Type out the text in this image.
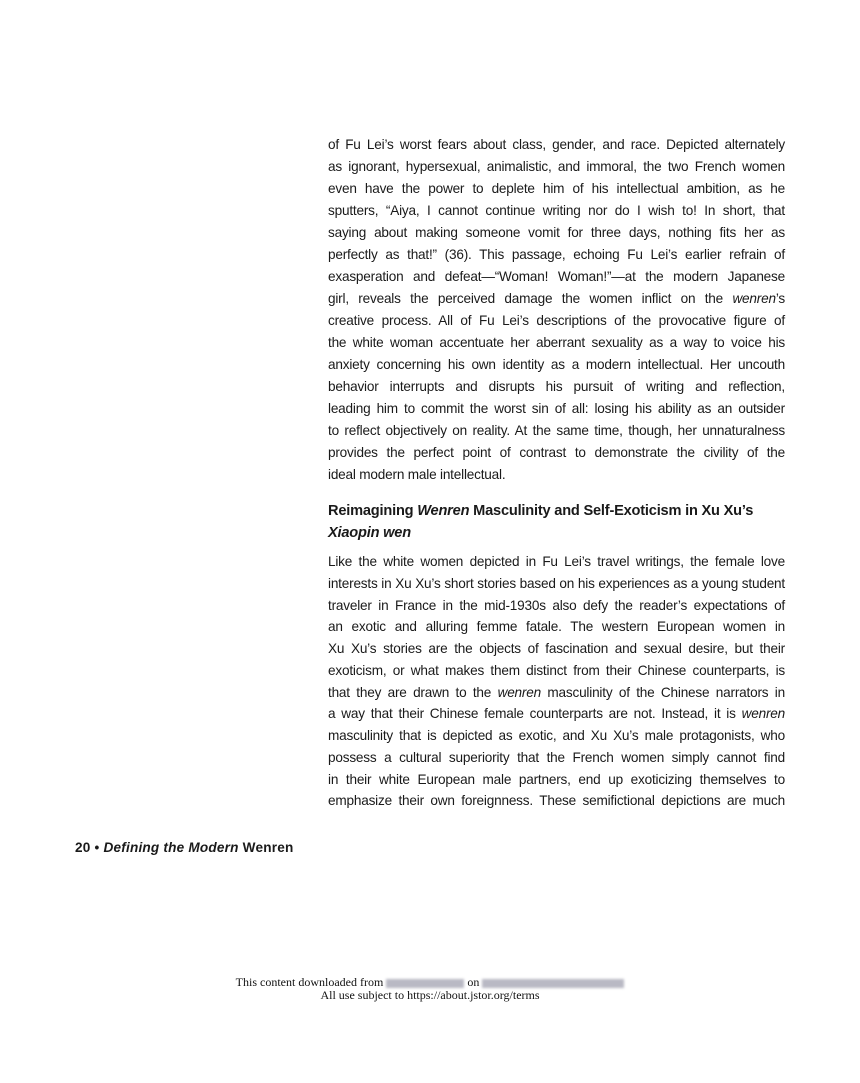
of Fu Lei’s worst fears about class, gender, and race. Depicted alternately
as ignorant, hypersexual, animalistic, and immoral, the two French women
even have the power to deplete him of his intellectual ambition, as he
sputters, “Aiya, I cannot continue writing nor do I wish to! In short, that
saying about making someone vomit for three days, nothing fits her as
perfectly as that!” (36). This passage, echoing Fu Lei’s earlier refrain of
exasperation and defeat—“Woman! Woman!”—at the modern Japanese
girl, reveals the perceived damage the women inflict on the wenren’s
creative process. All of Fu Lei’s descriptions of the provocative figure of
the white woman accentuate her aberrant sexuality as a way to voice his
anxiety concerning his own identity as a modern intellectual. Her uncouth
behavior interrupts and disrupts his pursuit of writing and reflection,
leading him to commit the worst sin of all: losing his ability as an outsider
to reflect objectively on reality. At the same time, though, her unnaturalness
provides the perfect point of contrast to demonstrate the civility of the
ideal modern male intellectual.
Reimagining Wenren Masculinity and Self-Exoticism in Xu Xu’s
Xiaopin wen
Like the white women depicted in Fu Lei’s travel writings, the female love
interests in Xu Xu’s short stories based on his experiences as a young student
traveler in France in the mid-1930s also defy the reader’s expectations of
an exotic and alluring femme fatale. The western European women in
Xu Xu’s stories are the objects of fascination and sexual desire, but their
exoticism, or what makes them distinct from their Chinese counterparts, is
that they are drawn to the wenren masculinity of the Chinese narrators in
a way that their Chinese female counterparts are not. Instead, it is wenren
masculinity that is depicted as exotic, and Xu Xu’s male protagonists, who
possess a cultural superiority that the French women simply cannot find
in their white European male partners, end up exoticizing themselves to
emphasize their own foreignness. These semifictional depictions are much
20 • Defining the Modern Wenren
This content downloaded from	on
All use subject to https://about.jstor.org/terms
